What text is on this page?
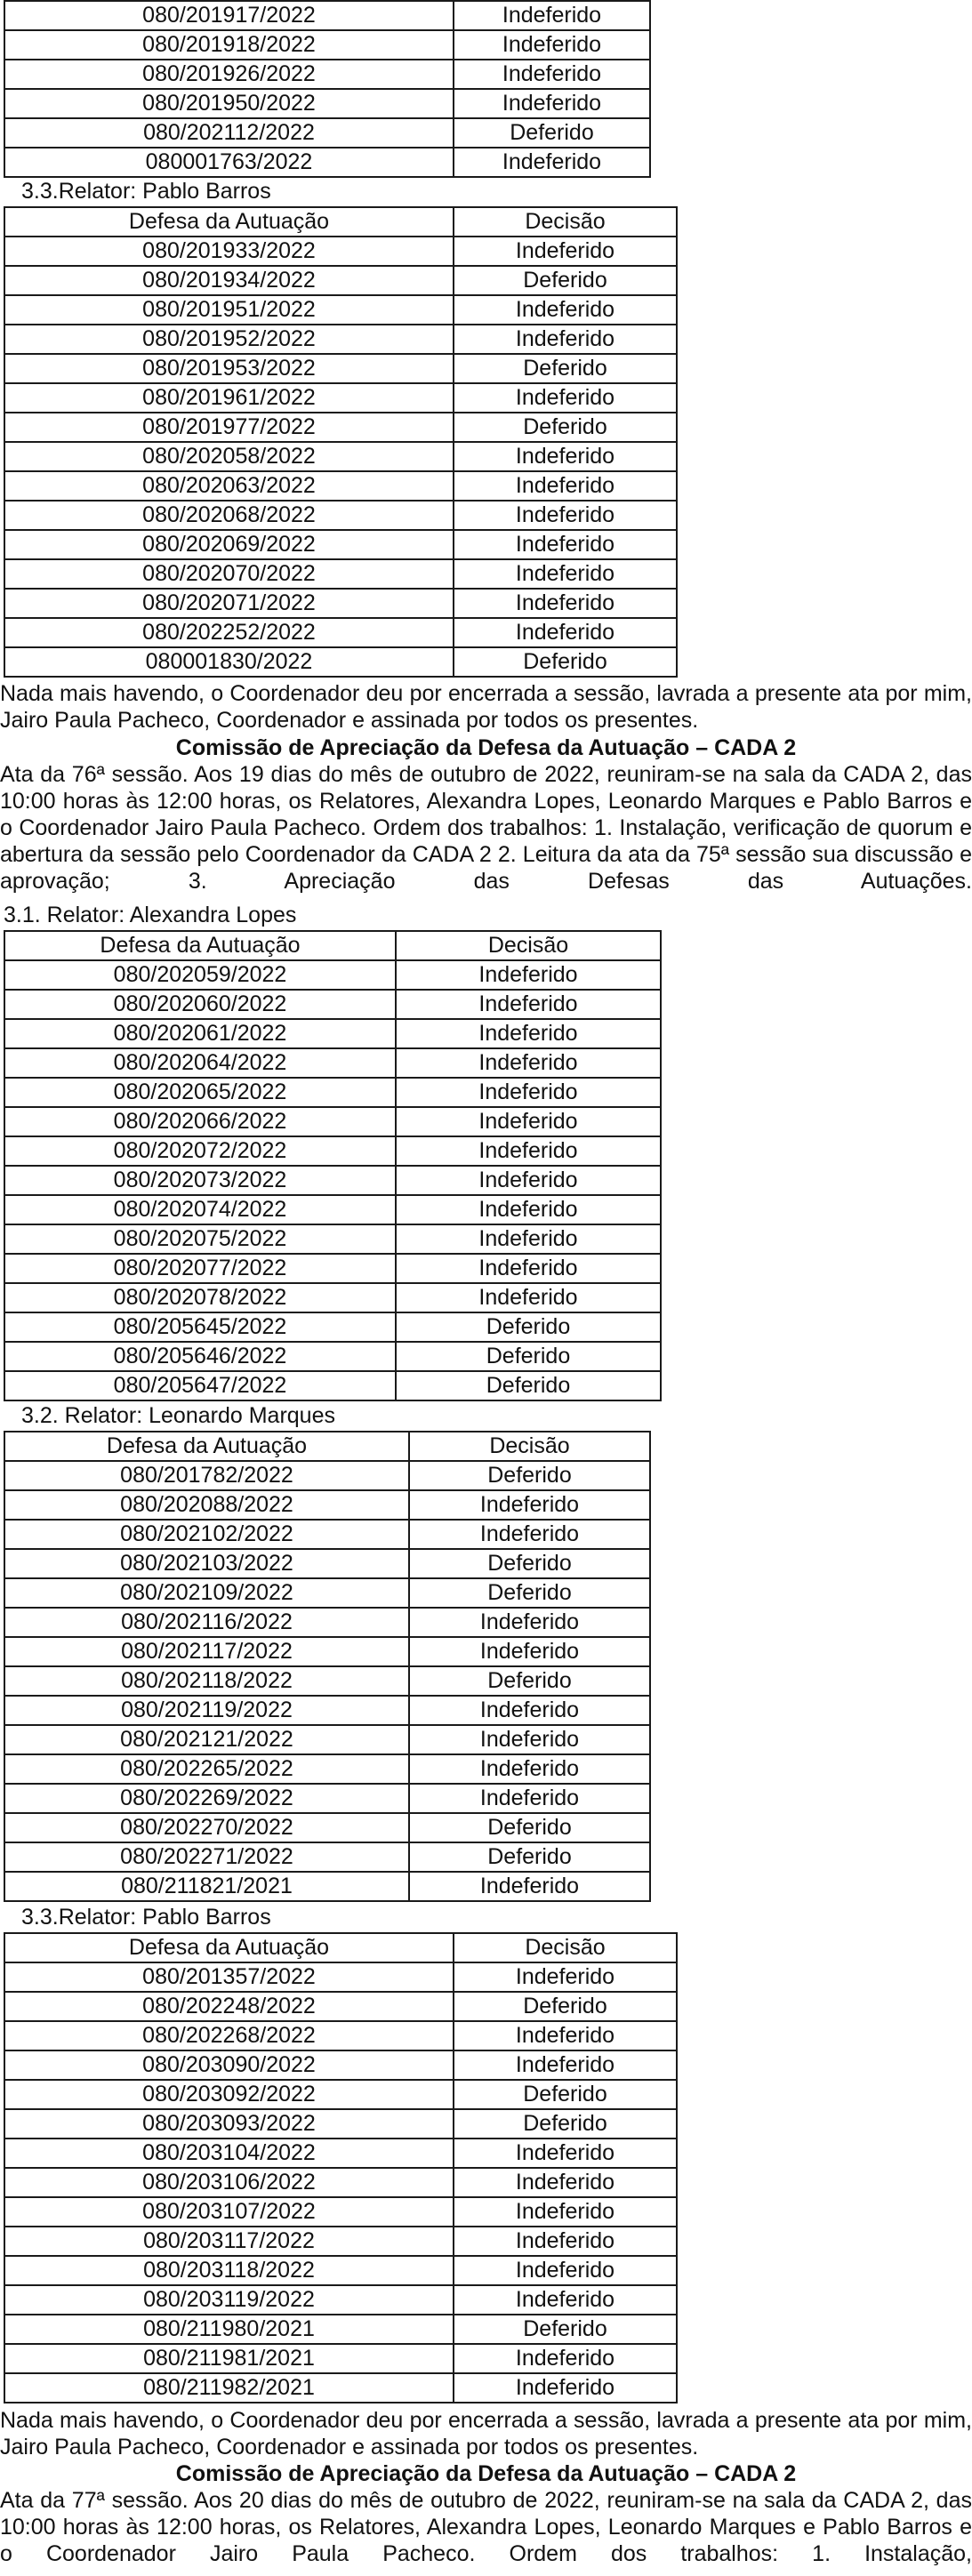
080/201917/2022	Indeferido
080/201918/2022	Indeferido
080/201926/2022	Indeferido
080/201950/2022	Indeferido
080/202112/2022	Deferido
080001763/2022	Indeferido
3.3.Relator: Pablo Barros
Defesa da Autuação	Decisão
080/201933/2022	Indeferido
080/201934/2022	Deferido
080/201951/2022	Indeferido
080/201952/2022	Indeferido
080/201953/2022	Deferido
080/201961/2022	Indeferido
080/201977/2022	Deferido
080/202058/2022	Indeferido
080/202063/2022	Indeferido
080/202068/2022	Indeferido
080/202069/2022	Indeferido
080/202070/2022	Indeferido
080/202071/2022	Indeferido
080/202252/2022	Indeferido
080001830/2022	Deferido
Nada mais havendo, o Coordenador deu por encerrada a sessão, lavrada a presente ata por mim, Jairo Paula Pacheco, Coordenador e assinada por todos os presentes.
Comissão de Apreciação da Defesa da Autuação – CADA 2
Ata da 76ª sessão. Aos 19 dias do mês de outubro de 2022, reuniram-se na sala da CADA 2, das 10:00 horas às 12:00 horas, os Relatores, Alexandra Lopes, Leonardo Marques e Pablo Barros e o Coordenador Jairo Paula Pacheco. Ordem dos trabalhos: 1. Instalação, verificação de quorum e abertura da sessão pelo Coordenador da CADA 2 2. Leitura da ata da 75ª sessão sua discussão e aprovação; 3. Apreciação das Defesas das Autuações.
3.1. Relator: Alexandra Lopes
Defesa da Autuação	Decisão
080/202059/2022	Indeferido
080/202060/2022	Indeferido
080/202061/2022	Indeferido
080/202064/2022	Indeferido
080/202065/2022	Indeferido
080/202066/2022	Indeferido
080/202072/2022	Indeferido
080/202073/2022	Indeferido
080/202074/2022	Indeferido
080/202075/2022	Indeferido
080/202077/2022	Indeferido
080/202078/2022	Indeferido
080/205645/2022	Deferido
080/205646/2022	Deferido
080/205647/2022	Deferido
3.2. Relator: Leonardo Marques
Defesa da Autuação	Decisão
080/201782/2022	Deferido
080/202088/2022	Indeferido
080/202102/2022	Indeferido
080/202103/2022	Deferido
080/202109/2022	Deferido
080/202116/2022	Indeferido
080/202117/2022	Indeferido
080/202118/2022	Deferido
080/202119/2022	Indeferido
080/202121/2022	Indeferido
080/202265/2022	Indeferido
080/202269/2022	Indeferido
080/202270/2022	Deferido
080/202271/2022	Deferido
080/211821/2021	Indeferido
3.3.Relator: Pablo Barros
Defesa da Autuação	Decisão
080/201357/2022	Indeferido
080/202248/2022	Deferido
080/202268/2022	Indeferido
080/203090/2022	Indeferido
080/203092/2022	Deferido
080/203093/2022	Deferido
080/203104/2022	Indeferido
080/203106/2022	Indeferido
080/203107/2022	Indeferido
080/203117/2022	Indeferido
080/203118/2022	Indeferido
080/203119/2022	Indeferido
080/211980/2021	Deferido
080/211981/2021	Indeferido
080/211982/2021	Indeferido
Nada mais havendo, o Coordenador deu por encerrada a sessão, lavrada a presente ata por mim, Jairo Paula Pacheco, Coordenador e assinada por todos os presentes.
Comissão de Apreciação da Defesa da Autuação – CADA 2
Ata da 77ª sessão. Aos 20 dias do mês de outubro de 2022, reuniram-se na sala da CADA 2, das 10:00 horas às 12:00 horas, os Relatores, Alexandra Lopes, Leonardo Marques e Pablo Barros e o Coordenador Jairo Paula Pacheco. Ordem dos trabalhos: 1. Instalação,
